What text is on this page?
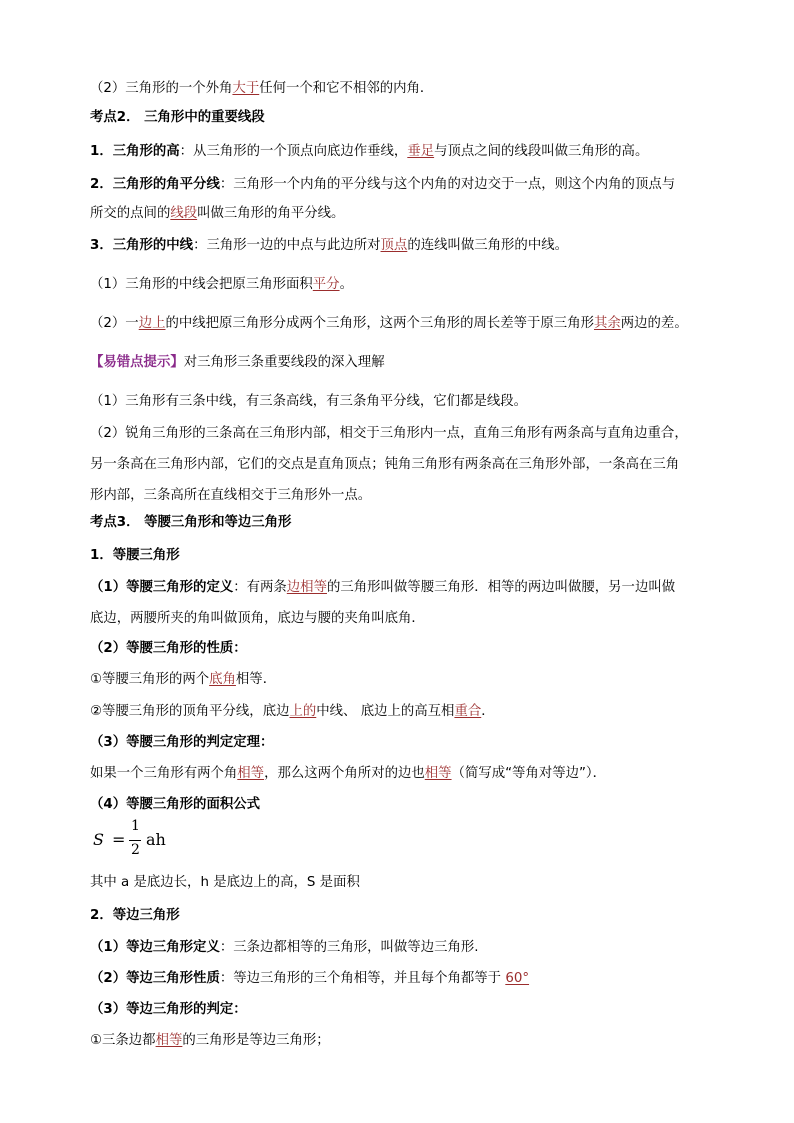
（2）三角形的一个外角大于任何一个和它不相邻的内角．
考点2． 三角形中的重要线段
1．三角形的高：从三角形的一个顶点向底边作垂线，垂足与顶点之间的线段叫做三角形的高。
2．三角形的角平分线：三角形一个内角的平分线与这个内角的对边交于一点，则这个内角的顶点与
所交的点间的线段叫做三角形的角平分线。
3．三角形的中线：三角形一边的中点与此边所对顶点的连线叫做三角形的中线。
（1）三角形的中线会把原三角形面积平分。
（2）一边上的中线把原三角形分成两个三角形，这两个三角形的周长差等于原三角形其余两边的差。
【易错点提示】对三角形三条重要线段的深入理解
（1）三角形有三条中线，有三条高线，有三条角平分线，它们都是线段。
（2）锐角三角形的三条高在三角形内部，相交于三角形内一点，直角三角形有两条高与直角边重合，
另一条高在三角形内部，它们的交点是直角顶点；钝角三角形有两条高在三角形外部，一条高在三角
形内部，三条高所在直线相交于三角形外一点。
考点3． 等腰三角形和等边三角形
1．等腰三角形
（1）等腰三角形的定义：有两条边相等的三角形叫做等腰三角形．相等的两边叫做腰，另一边叫做
底边，两腰所夹的角叫做顶角，底边与腰的夹角叫底角．
（2）等腰三角形的性质：
①等腰三角形的两个底角相等．
②等腰三角形的顶角平分线，底边上的中线、 底边上的高互相重合．
（3）等腰三角形的判定定理：
如果一个三角形有两个角相等，那么这两个角所对的边也相等（简写成“等角对等边”）．
（4）等腰三角形的面积公式
S =
1
2
ah
其中 a 是底边长，h 是底边上的高，S 是面积
2．等边三角形
（1）等边三角形定义：三条边都相等的三角形，叫做等边三角形.
（2）等边三角形性质：等边三角形的三个角相等，并且每个角都等于 60°
（3）等边三角形的判定：
①三条边都相等的三角形是等边三角形；
